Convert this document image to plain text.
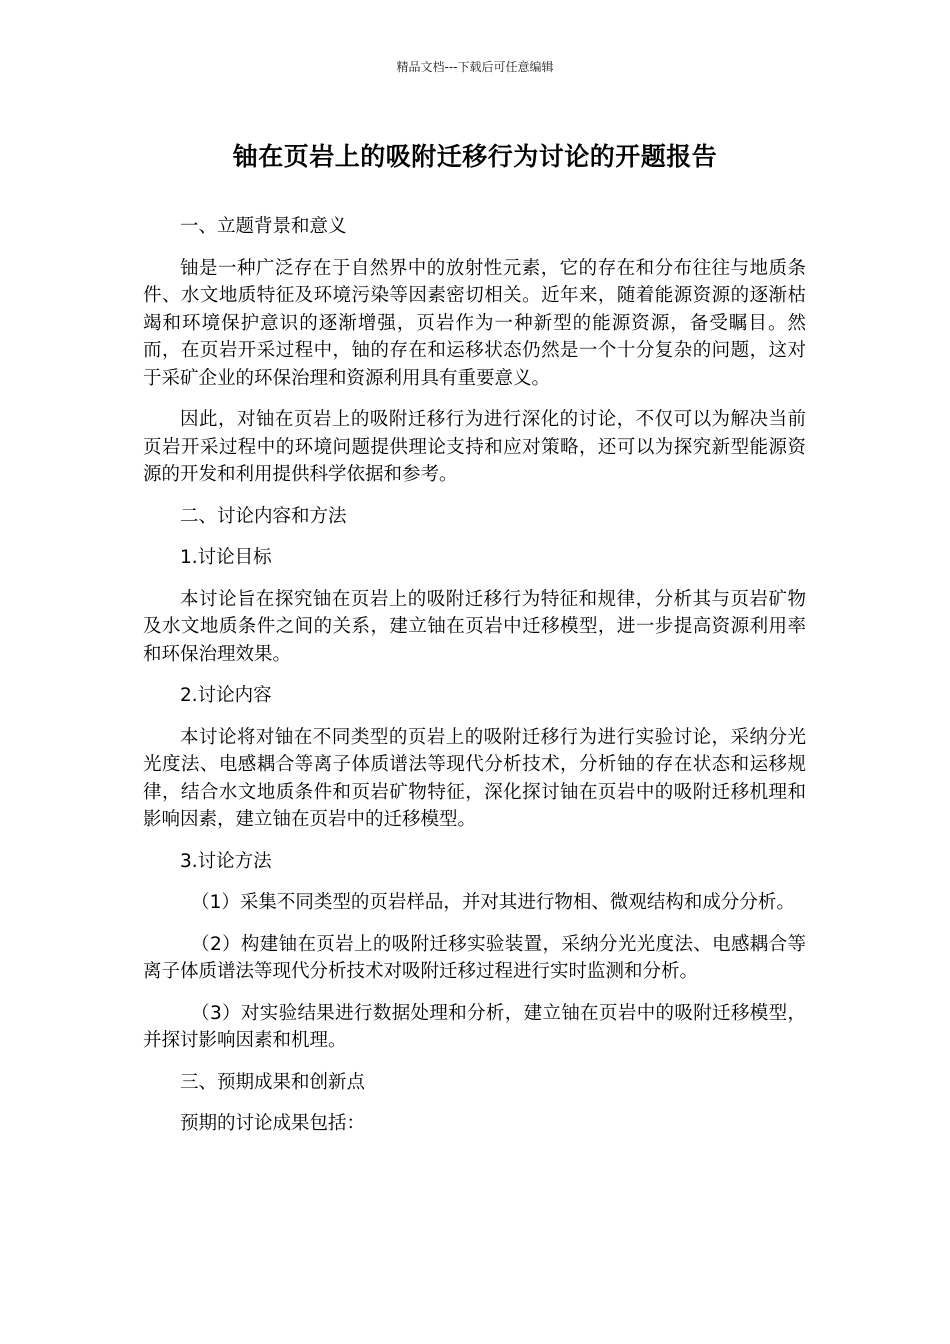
精品文档---下载后可任意编辑
铀在页岩上的吸附迁移行为讨论的开题报告

一、立题背景和意义

铀是一种广泛存在于自然界中的放射性元素，它的存在和分布往往与地质条件、水文地质特征及环境污染等因素密切相关。近年来，随着能源资源的逐渐枯竭和环境保护意识的逐渐增强，页岩作为一种新型的能源资源，备受瞩目。然而，在页岩开采过程中，铀的存在和运移状态仍然是一个十分复杂的问题，这对于采矿企业的环保治理和资源利用具有重要意义。

因此，对铀在页岩上的吸附迁移行为进行深化的讨论，不仅可以为解决当前页岩开采过程中的环境问题提供理论支持和应对策略，还可以为探究新型能源资源的开发和利用提供科学依据和参考。

二、讨论内容和方法

1.讨论目标

本讨论旨在探究铀在页岩上的吸附迁移行为特征和规律，分析其与页岩矿物及水文地质条件之间的关系，建立铀在页岩中迁移模型，进一步提高资源利用率和环保治理效果。

2.讨论内容

本讨论将对铀在不同类型的页岩上的吸附迁移行为进行实验讨论，采纳分光光度法、电感耦合等离子体质谱法等现代分析技术，分析铀的存在状态和运移规律，结合水文地质条件和页岩矿物特征，深化探讨铀在页岩中的吸附迁移机理和影响因素，建立铀在页岩中的迁移模型。

3.讨论方法

（1）采集不同类型的页岩样品，并对其进行物相、微观结构和成分分析。

（2）构建铀在页岩上的吸附迁移实验装置，采纳分光光度法、电感耦合等离子体质谱法等现代分析技术对吸附迁移过程进行实时监测和分析。

（3）对实验结果进行数据处理和分析，建立铀在页岩中的吸附迁移模型，并探讨影响因素和机理。

三、预期成果和创新点

预期的讨论成果包括：
